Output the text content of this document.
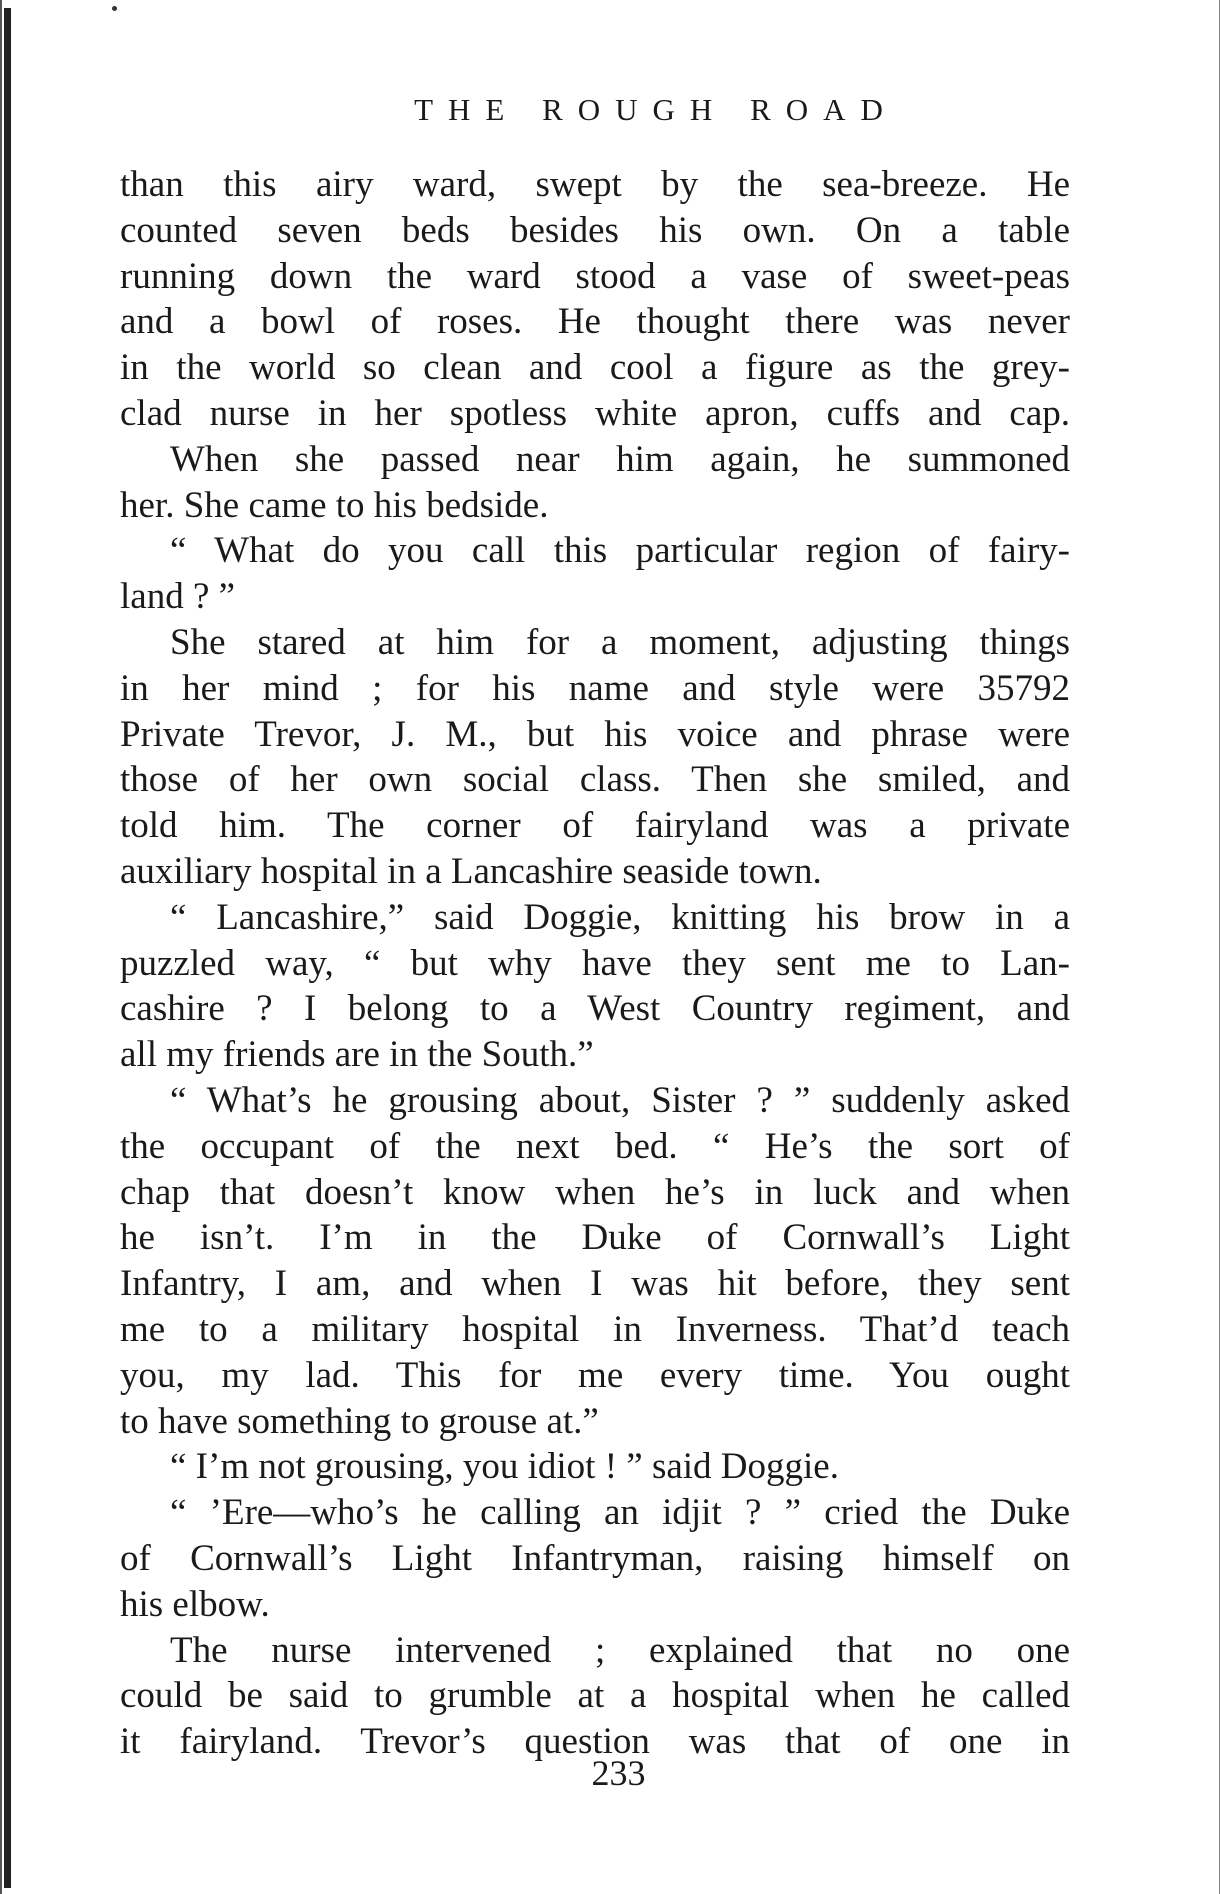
THE ROUGH ROAD
than this airy ward, swept by the sea-breeze. He
counted seven beds besides his own. On a table
running down the ward stood a vase of sweet-peas
and a bowl of roses. He thought there was never
in the world so clean and cool a figure as the grey-
clad nurse in her spotless white apron, cuffs and cap.
When she passed near him again, he summoned
her. She came to his bedside.
“ What do you call this particular region of fairy-
land ? ”
She stared at him for a moment, adjusting things
in her mind ; for his name and style were 35792
Private Trevor, J. M., but his voice and phrase were
those of her own social class. Then she smiled, and
told him. The corner of fairyland was a private
auxiliary hospital in a Lancashire seaside town.
“ Lancashire,” said Doggie, knitting his brow in a
puzzled way, “ but why have they sent me to Lan-
cashire ? I belong to a West Country regiment, and
all my friends are in the South.”
“ What’s he grousing about, Sister ? ” suddenly asked
the occupant of the next bed. “ He’s the sort of
chap that doesn’t know when he’s in luck and when
he isn’t. I’m in the Duke of Cornwall’s Light
Infantry, I am, and when I was hit before, they sent
me to a military hospital in Inverness. That’d teach
you, my lad. This for me every time. You ought
to have something to grouse at.”
“ I’m not grousing, you idiot ! ” said Doggie.
“ ’Ere—who’s he calling an idjit ? ” cried the Duke
of Cornwall’s Light Infantryman, raising himself on
his elbow.
The nurse intervened ; explained that no one
could be said to grumble at a hospital when he called
it fairyland. Trevor’s question was that of one in
233
